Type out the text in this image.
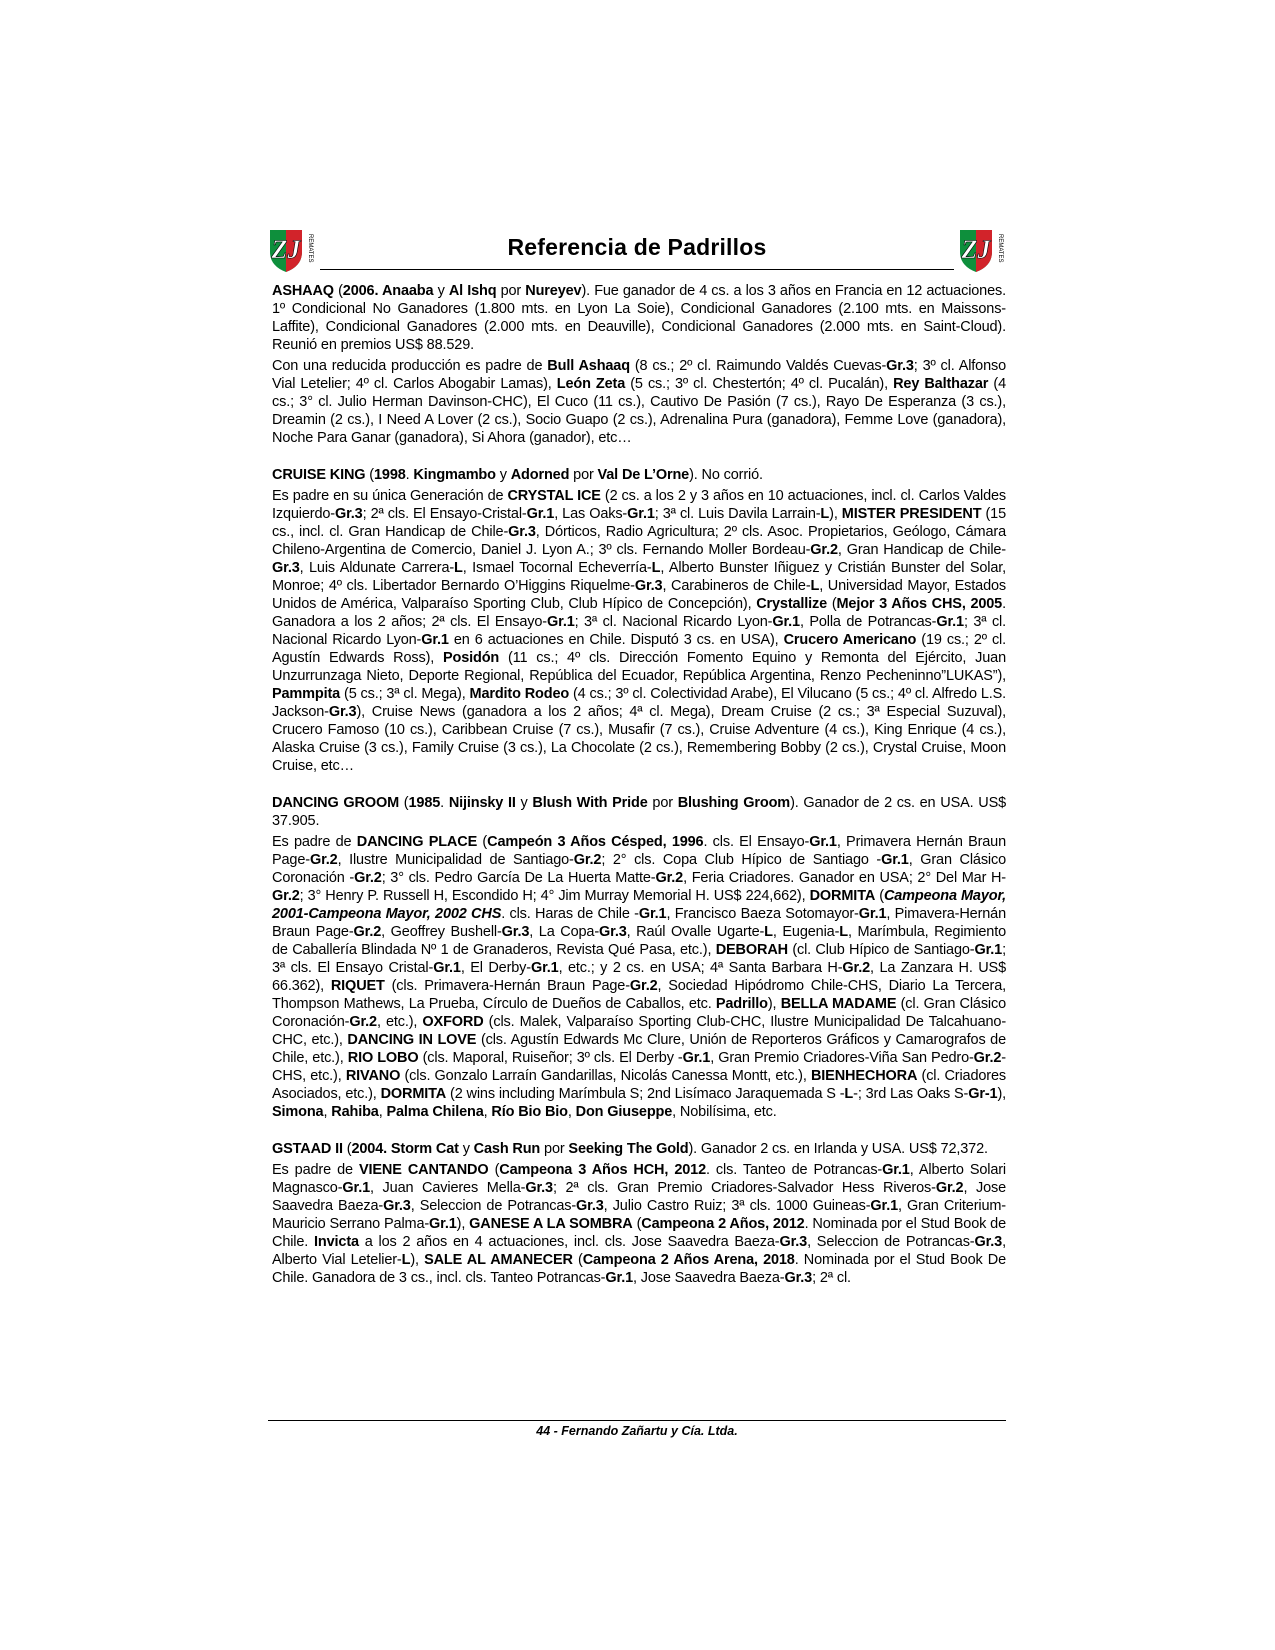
ZJ REMATES	Referencia de Padrillos	ZJ REMATES

ASHAAQ (2006. Anaaba y Al Ishq por Nureyev). Fue ganador de 4 cs. a los 3 años en Francia en 12 actuaciones. 1º Condicional No Ganadores (1.800 mts. en Lyon La Soie), Condicional Ganadores (2.100 mts. en Maissons-Laffite), Condicional Ganadores (2.000 mts. en Deauville), Condicional Ganadores (2.000 mts. en Saint-Cloud). Reunió en premios US$ 88.529.

Con una reducida producción es padre de Bull Ashaaq (8 cs.; 2º cl. Raimundo Valdés Cuevas-Gr.3; 3º cl. Alfonso Vial Letelier; 4º cl. Carlos Abogabir Lamas), León Zeta (5 cs.; 3º cl. Chestertón; 4º cl. Pucalán), Rey Balthazar (4 cs.; 3° cl. Julio Herman Davinson-CHC), El Cuco (11 cs.), Cautivo De Pasión (7 cs.), Rayo De Esperanza (3 cs.), Dreamin (2 cs.), I Need A Lover (2 cs.), Socio Guapo (2 cs.), Adrenalina Pura (ganadora), Femme Love (ganadora), Noche Para Ganar (ganadora), Si Ahora (ganador), etc…

CRUISE KING (1998. Kingmambo y Adorned por Val De L’Orne). No corrió.

Es padre en su única Generación de CRYSTAL ICE (2 cs. a los 2 y 3 años en 10 actuaciones, incl. cl. Carlos Valdes Izquierdo-Gr.3; 2ª cls. El Ensayo-Cristal-Gr.1, Las Oaks-Gr.1; 3ª cl. Luis Davila Larrain-L), MISTER PRESIDENT (15 cs., incl. cl. Gran Handicap de Chile-Gr.3, Dórticos, Radio Agricultura; 2º cls. Asoc. Propietarios, Geólogo, Cámara Chileno-Argentina de Comercio, Daniel J. Lyon A.; 3º cls. Fernando Moller Bordeau-Gr.2, Gran Handicap de Chile-Gr.3, Luis Aldunate Carrera-L, Ismael Tocornal Echeverría-L, Alberto Bunster Iñiguez y Cristián Bunster del Solar, Monroe; 4º cls. Libertador Bernardo O’Higgins Riquelme-Gr.3, Carabineros de Chile-L, Universidad Mayor, Estados Unidos de América, Valparaíso Sporting Club, Club Hípico de Concepción), Crystallize (Mejor 3 Años CHS, 2005. Ganadora a los 2 años; 2ª cls. El Ensayo-Gr.1; 3ª cl. Nacional Ricardo Lyon-Gr.1, Polla de Potrancas-Gr.1; 3ª cl. Nacional Ricardo Lyon-Gr.1 en 6 actuaciones en Chile. Disputó 3 cs. en USA), Crucero Americano (19 cs.; 2º cl. Agustín Edwards Ross), Posidón (11 cs.; 4º cls. Dirección Fomento Equino y Remonta del Ejército, Juan Unzurrunzaga Nieto, Deporte Regional, República del Ecuador, República Argentina, Renzo Pecheninno”LUKAS”), Pammpita (5 cs.; 3ª cl. Mega), Mardito Rodeo (4 cs.; 3º cl. Colectividad Arabe), El Vilucano (5 cs.; 4º cl. Alfredo L.S. Jackson-Gr.3), Cruise News (ganadora a los 2 años; 4ª cl. Mega), Dream Cruise (2 cs.; 3ª Especial Suzuval), Crucero Famoso (10 cs.), Caribbean Cruise (7 cs.), Musafir (7 cs.), Cruise Adventure (4 cs.), King Enrique (4 cs.), Alaska Cruise (3 cs.), Family Cruise (3 cs.), La Chocolate (2 cs.), Remembering Bobby (2 cs.), Crystal Cruise, Moon Cruise, etc…

DANCING GROOM (1985. Nijinsky II y Blush With Pride por Blushing Groom). Ganador de 2 cs. en USA. US$ 37.905.

Es padre de DANCING PLACE (Campeón 3 Años Césped, 1996. cls. El Ensayo-Gr.1, Primavera Hernán Braun Page-Gr.2, Ilustre Municipalidad de Santiago-Gr.2; 2° cls. Copa Club Hípico de Santiago -Gr.1, Gran Clásico Coronación -Gr.2; 3° cls. Pedro García De La Huerta Matte-Gr.2, Feria Criadores. Ganador en USA; 2° Del Mar H-Gr.2; 3° Henry P. Russell H, Escondido H; 4° Jim Murray Memorial H. US$ 224,662), DORMITA (Campeona Mayor, 2001-Campeona Mayor, 2002 CHS. cls. Haras de Chile -Gr.1, Francisco Baeza Sotomayor-Gr.1, Pimavera-Hernán Braun Page-Gr.2, Geoffrey Bushell-Gr.3, La Copa-Gr.3, Raúl Ovalle Ugarte-L, Eugenia-L, Marímbula, Regimiento de Caballería Blindada Nº 1 de Granaderos, Revista Qué Pasa, etc.), DEBORAH (cl. Club Hípico de Santiago-Gr.1; 3ª cls. El Ensayo Cristal-Gr.1, El Derby-Gr.1, etc.; y 2 cs. en USA; 4ª Santa Barbara H-Gr.2, La Zanzara H. US$ 66.362), RIQUET (cls. Primavera-Hernán Braun Page-Gr.2, Sociedad Hipódromo Chile-CHS, Diario La Tercera, Thompson Mathews, La Prueba, Círculo de Dueños de Caballos, etc. Padrillo), BELLA MADAME (cl. Gran Clásico Coronación-Gr.2, etc.), OXFORD (cls. Malek, Valparaíso Sporting Club-CHC, Ilustre Municipalidad De Talcahuano-CHC, etc.), DANCING IN LOVE (cls. Agustín Edwards Mc Clure, Unión de Reporteros Gráficos y Camarografos de Chile, etc.), RIO LOBO (cls. Maporal, Ruiseñor; 3º cls. El Derby -Gr.1, Gran Premio Criadores-Viña San Pedro-Gr.2-CHS, etc.), RIVANO (cls. Gonzalo Larraín Gandarillas, Nicolás Canessa Montt, etc.), BIENHECHORA (cl. Criadores Asociados, etc.), DORMITA (2 wins including Marímbula S; 2nd Lisímaco Jaraquemada S -L-; 3rd Las Oaks S-Gr-1), Simona, Rahiba, Palma Chilena, Río Bio Bio, Don Giuseppe, Nobilísima, etc.

GSTAAD II (2004. Storm Cat y Cash Run por Seeking The Gold). Ganador 2 cs. en Irlanda y USA. US$ 72,372.

Es padre de VIENE CANTANDO (Campeona 3 Años HCH, 2012. cls. Tanteo de Potrancas-Gr.1, Alberto Solari Magnasco-Gr.1, Juan Cavieres Mella-Gr.3; 2ª cls. Gran Premio Criadores-Salvador Hess Riveros-Gr.2, Jose Saavedra Baeza-Gr.3, Seleccion de Potrancas-Gr.3, Julio Castro Ruiz; 3ª cls. 1000 Guineas-Gr.1, Gran Criterium-Mauricio Serrano Palma-Gr.1), GANESE A LA SOMBRA (Campeona 2 Años, 2012. Nominada por el Stud Book de Chile. Invicta a los 2 años en 4 actuaciones, incl. cls. Jose Saavedra Baeza-Gr.3, Seleccion de Potrancas-Gr.3, Alberto Vial Letelier-L), SALE AL AMANECER (Campeona 2 Años Arena, 2018. Nominada por el Stud Book De Chile. Ganadora de 3 cs., incl. cls. Tanteo Potrancas-Gr.1, Jose Saavedra Baeza-Gr.3; 2ª cl.

44 - Fernando Zañartu y Cía. Ltda.
